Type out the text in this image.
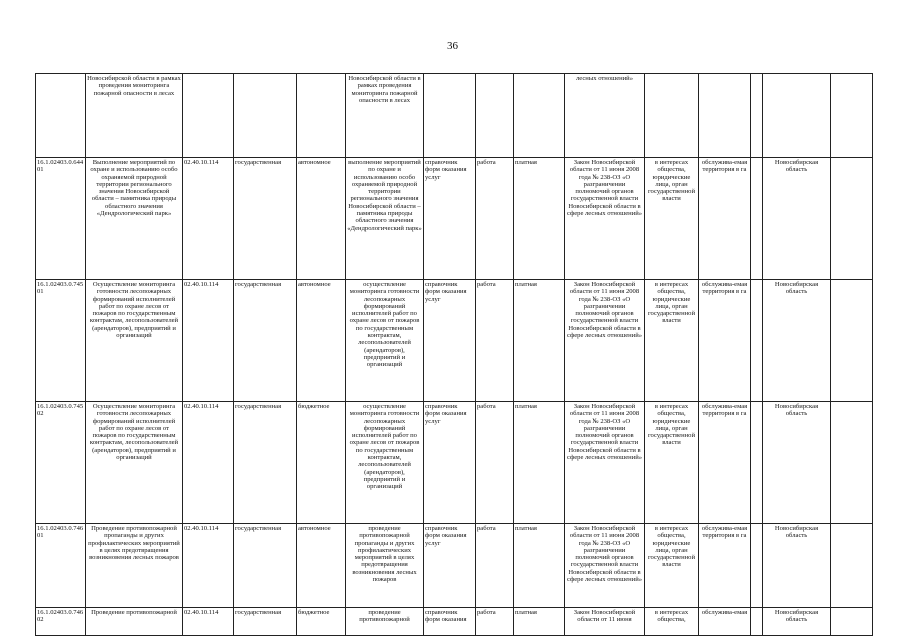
36
	Новосибирской области в рамках проведения мониторинга пожарной опасности в лесах				Новосибирской области в рамках проведения мониторинга пожарной опасности в лесах				лесных отношений»					
16.1.02403.0.64401	Выполнение мероприятий по охране и использованию особо охраняемой природной территории регионального значения Новосибирской области – памятника природы областного значения «Дендрологический парк»	02.40.10.114	государственная	автономное	выполнение мероприятий по охране и использованию особо охраняемой природной территории регионального значения Новосибирской области – памятника природы областного значения «Дендрологический парк»	справочник форм оказания услуг	работа	платная	Закон Новосибирской области от 11 июня 2008 года № 238-ОЗ «О разграничении полномочий органов государственной власти Новосибирской области в сфере лесных отношений»	в интересах общества, юридические лица, орган государственной власти	обслужива-емая территория в га		Новосибирская область	
16.1.02403.0.74501	Осуществление мониторинга готовности лесопожарных формирований исполнителей работ по охране лесов от пожаров по государственным контрактам, лесопользователей (арендаторов), предприятий и организаций	02.40.10.114	государственная	автономное	осуществление мониторинга готовности лесопожарных формирований исполнителей работ по охране лесов от пожаров по государственным контрактам, лесопользователей (арендаторов), предприятий и организаций	справочник форм оказания услуг	работа	платная	Закон Новосибирской области от 11 июня 2008 года № 238-ОЗ «О разграничении полномочий органов государственной власти Новосибирской области в сфере лесных отношений»	в интересах общества, юридические лица, орган государственной власти	обслужива-емая территория в га		Новосибирская область	
16.1.02403.0.74502	Осуществление мониторинга готовности лесопожарных формирований исполнителей работ по охране лесов от пожаров по государственным контрактам, лесопользователей (арендаторов), предприятий и организаций	02.40.10.114	государственная	бюджетное	осуществление мониторинга готовности лесопожарных формирований исполнителей работ по охране лесов от пожаров по государственным контрактам, лесопользователей (арендаторов), предприятий и организаций	справочник форм оказания услуг	работа	платная	Закон Новосибирской области от 11 июня 2008 года № 238-ОЗ «О разграничении полномочий органов государственной власти Новосибирской области в сфере лесных отношений»	в интересах общества, юридические лица, орган государственной власти	обслужива-емая территория в га		Новосибирская область	
16.1.02403.0.74601	Проведение противопожарной пропаганды и других профилактических мероприятий в целях предотвращения возникновения лесных пожаров	02.40.10.114	государственная	автономное	проведение противопожарной пропаганды и других профилактических мероприятий в целях предотвращения возникновения лесных пожаров	справочник форм оказания услуг	работа	платная	Закон Новосибирской области от 11 июня 2008 года № 238-ОЗ «О разграничении полномочий органов государственной власти Новосибирской области в сфере лесных отношений»	в интересах общества, юридические лица, орган государственной власти	обслужива-емая территория в га		Новосибирская область	
16.1.02403.0.74602	Проведение противопожарной	02.40.10.114	государственная	бюджетное	проведение противопожарной	справочник форм оказания	работа	платная	Закон Новосибирской области от 11 июня	в интересах общества,	обслужива-емая		Новосибирская область	
